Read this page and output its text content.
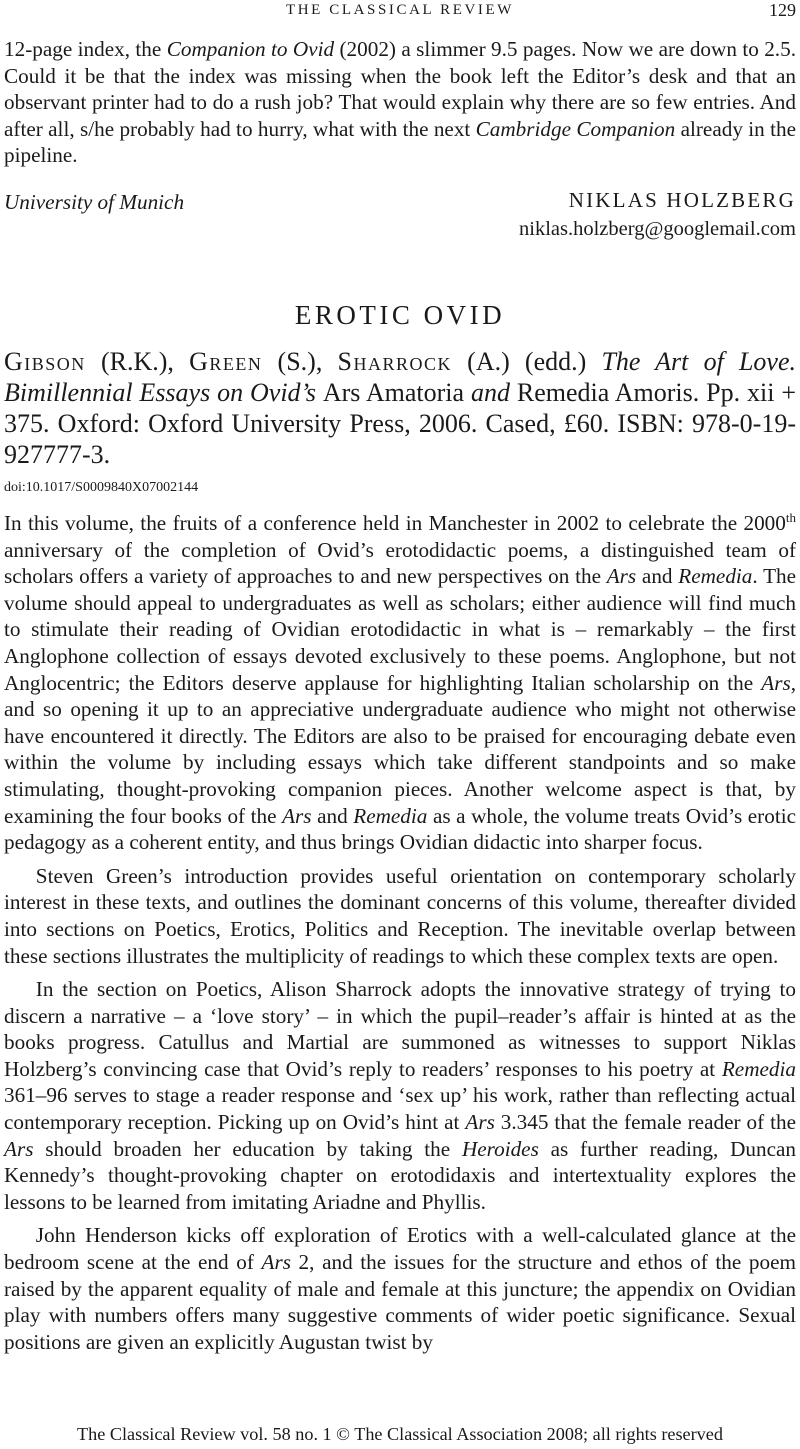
THE CLASSICAL REVIEW	129

12-page index, the Companion to Ovid (2002) a slimmer 9.5 pages. Now we are down to 2.5. Could it be that the index was missing when the book left the Editor’s desk and that an observant printer had to do a rush job? That would explain why there are so few entries. And after all, s/he probably had to hurry, what with the next Cambridge Companion already in the pipeline.

University of Munich	NIKLAS HOLZBERG
niklas.holzberg@googlemail.com
EROTIC OVID
Gibson (R.K.), Green (S.), Sharrock (A.) (edd.) The Art of Love. Bimillennial Essays on Ovid’s Ars Amatoria and Remedia Amoris. Pp. xii + 375. Oxford: Oxford University Press, 2006. Cased, £60. ISBN: 978-0-19-927777-3.
doi:10.1017/S0009840X07002144

In this volume, the fruits of a conference held in Manchester in 2002 to celebrate the 2000th anniversary of the completion of Ovid’s erotodidactic poems, a distinguished team of scholars offers a variety of approaches to and new perspectives on the Ars and Remedia. The volume should appeal to undergraduates as well as scholars; either audience will find much to stimulate their reading of Ovidian erotodidactic in what is – remarkably – the first Anglophone collection of essays devoted exclusively to these poems. Anglophone, but not Anglocentric; the Editors deserve applause for highlighting Italian scholarship on the Ars, and so opening it up to an appreciative undergraduate audience who might not otherwise have encountered it directly. The Editors are also to be praised for encouraging debate even within the volume by including essays which take different standpoints and so make stimulating, thought-provoking companion pieces. Another welcome aspect is that, by examining the four books of the Ars and Remedia as a whole, the volume treats Ovid’s erotic pedagogy as a coherent entity, and thus brings Ovidian didactic into sharper focus.

Steven Green’s introduction provides useful orientation on contemporary scholarly interest in these texts, and outlines the dominant concerns of this volume, thereafter divided into sections on Poetics, Erotics, Politics and Reception. The inevitable overlap between these sections illustrates the multiplicity of readings to which these complex texts are open.

In the section on Poetics, Alison Sharrock adopts the innovative strategy of trying to discern a narrative – a ‘love story’ – in which the pupil–reader’s affair is hinted at as the books progress. Catullus and Martial are summoned as witnesses to support Niklas Holzberg’s convincing case that Ovid’s reply to readers’ responses to his poetry at Remedia 361–96 serves to stage a reader response and ‘sex up’ his work, rather than reflecting actual contemporary reception. Picking up on Ovid’s hint at Ars 3.345 that the female reader of the Ars should broaden her education by taking the Heroides as further reading, Duncan Kennedy’s thought-provoking chapter on erotodidaxis and intertextuality explores the lessons to be learned from imitating Ariadne and Phyllis.

John Henderson kicks off exploration of Erotics with a well-calculated glance at the bedroom scene at the end of Ars 2, and the issues for the structure and ethos of the poem raised by the apparent equality of male and female at this juncture; the appendix on Ovidian play with numbers offers many suggestive comments of wider poetic significance. Sexual positions are given an explicitly Augustan twist by

The Classical Review vol. 58 no. 1 © The Classical Association 2008; all rights reserved
